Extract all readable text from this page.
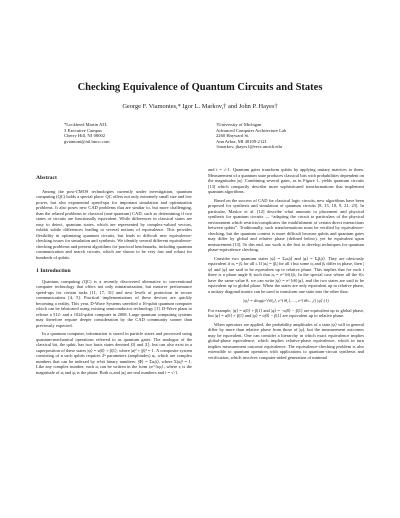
Checking Equivalence of Quantum Circuits and States
George F. Viamontes,* Igor L. Markov,† and John P. Hayes†
*Lockheed Martin ATL
3 Executive Campus
Cherry Hill, NJ 08002
gviamont@atl.lmco.com
†University of Michigan
Advanced Computer Architecture Lab
2260 Hayward St.
Ann Arbor, MI 48109-2121
{imarkov, jhayes}@eecs.umich.edu
Abstract

Among the post-CMOS technologies currently under investigation, quantum computing (QC) holds a special place: QC offers not only extremely small size and low power, but also exponential speed-ups for important simulation and optimization problems. It also poses new CAD problems that are similar to, but more challenging, than the related problems in classical (non-quantum) CAD, such as determining if two states or circuits are functionally equivalent. While differences in classical states are easy to detect, quantum states, which are represented by complex-valued vectors, exhibit subtle differences leading to several notions of equivalence. This provides flexibility in optimizing quantum circuits, but leads to difficult new equivalence-checking issues for simulation and synthesis. We identify several different equivalence-checking problems and present algorithms for practical benchmarks, including quantum communication and search circuits, which are shown to be very fast and robust for hundreds of qubits.

1 Introduction

Quantum computing (QC) is a recently discovered alternative to conventional computer technology that offers not only miniaturization, but massive performance speed-ups for certain tasks [11, 17, 31] and new levels of protection in secure communications [4, 5]. Practical implementations of these devices are quickly becoming a reality. This year, D-Wave Systems unveiled a 16-qubit quantum computer which can be fabricated using existing semiconductor technology [1]. D-Wave plans to release a 512- and a 1024-qubit computer in 2008. Large quantum computing systems may therefore require deeper consideration by the CAD community sooner than previously expected.

In a quantum computer, information is stored in particle states and processed using quantum-mechanical operations referred to as quantum gates. The analogue of the classical bit, the qubit, has two basis states denoted |0⟩ and |1⟩, but can also exist in a superposition of these states |ψ⟩ = α|0⟩ + β|1⟩, where |α|² + |β|² = 1. A composite system consisting of n such qubits requires 2ⁿ parameters (amplitudes) αᵢ, which are complex numbers that can be indexed by n-bit binary numbers: |Φ⟩ = Σαᵢ|i⟩, where Σ|αᵢ|² = 1. Like any complex number, each αᵢ can be written in the form rᵢe^{iφᵢ}, where rᵢ is the magnitude of αᵢ and φᵢ is the phase. Both αᵢ and |αᵢ| are real numbers and i = √-1.

and i = √-1. Quantum gates transform qubits by applying unitary matrices to them. Measurement of a quantum state produces classical bits with probabilities dependent on the magnitudes |αᵢ|. Combining several gates, as in Figure 1, yields quantum circuits [13] which compactly describe more sophisticated transformations that implement quantum algorithms.

Based on the success of CAD for classical logic circuits, new algorithms have been proposed for synthesis and simulation of quantum circuits [8, 15, 18, 9, 21, 23]. In particular, Maslov et al. [12] describe what amounts to placement and physical synthesis for quantum circuits — “adapting the circuit to particulars of the physical environment which restricts/complicates the establishment of certain direct interactions between qubits”. Traditionally, such transformations must be verified by equivalence-checking, but the quantum context is more difficult because qubits and quantum gates may differ by global and relative phase (defined below), yet be equivalent upon measurement [13]. To this end, our work is the first to develop techniques for quantum phase-equivalence checking.

Consider two quantum states |ψ⟩ = Σᵢαᵢ|i⟩ and |φ⟩ = Σᵢβᵢ|i⟩. They are obviously equivalent if αᵢ = βᵢ for all i. If |αᵢ| = |βᵢ| for all i but some αᵢ and βᵢ differ in phase, then |ψ⟩ and |φ⟩ are said to be equivalent up to relative phase. This implies that for each i there is a phase angle θᵢ such that αᵢ = e^{iθᵢ}βᵢ. In the special case where all the θᵢ's have the same value θ, we can write |ψ⟩ = e^{iθ}|φ⟩, and the two states are said to be equivalent up to global phase. When the states are only equivalent up to relative phase, a unitary diagonal matrix can be used to transform one state into the other thus:

|ψ⟩ = diag(e^{iθ₀}, e^{iθ₁}, ..., e^{iθₙ₋₁}) |φ⟩ (1)

For example, |ψ⟩ = α|0⟩ + β|1⟩ and |φ⟩ = −α|0⟩ − β|1⟩ are equivalent up to global phase, but |ψ⟩ = α|0⟩ + β|1⟩ and |φ⟩ = α|0⟩ − β|1⟩ are equivalent up to relative phase.

When operators are applied, the probability amplitudes of a state |ψ⟩ will in general differ by more than relative phase from those of |φ⟩, but the measurement outcomes may be equivalent. One can consider a hierarchy in which exact equivalence implies global-phase equivalence, which implies relative-phase equivalence, which in turn implies measurement outcome equivalence. The equivalence-checking problem is also extensible to quantum operators with applications to quantum-circuit synthesis and verification, which involves computer-aided generation of minimal
